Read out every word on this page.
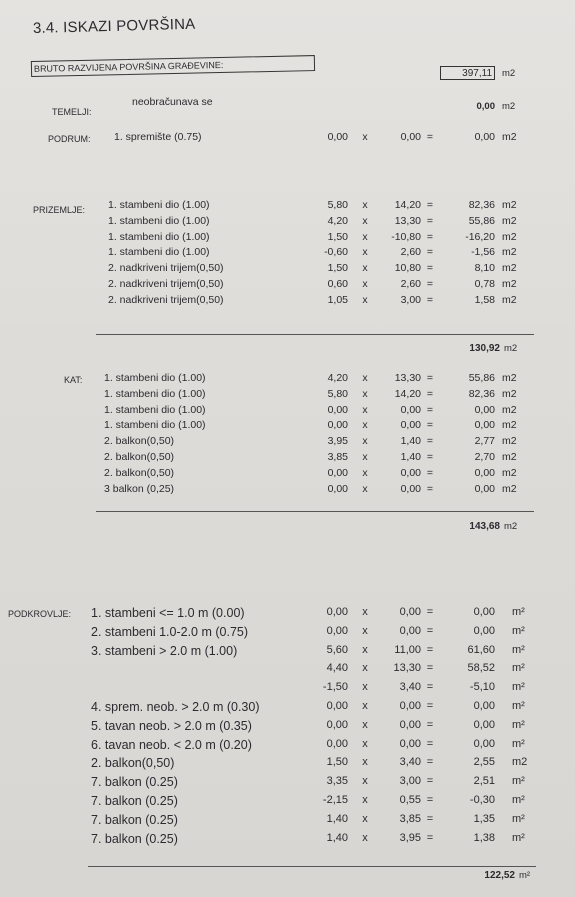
3.4. ISKAZI POVRŠINA
BRUTO RAZVIJENA POVRŠINA GRAĐEVINE:	397,11	m2
TEMELJI:
neobračunava se	0,00 m2
PODRUM: 1. spremište (0.75)	0,00	x	0,00 =	0,00 m2
PRIZEMLJE: 1. stambeni dio (1.00)	5,80	x	14,20 =	82,36 m2
1. stambeni dio (1.00)	4,20	x	13,30 =	55,86 m2
1. stambeni dio (1.00)	1,50	x	-10,80 =	-16,20 m2
1. stambeni dio (1.00)	-0,60	x	2,60 =	-1,56 m2
2. nadkriveni trijem(0,50)	1,50	x	10,80 =	8,10 m2
2. nadkriveni trijem(0,50)	0,60	x	2,60 =	0,78 m2
2. nadkriveni trijem(0,50)	1,05	x	3,00 =	1,58 m2
130,92 m2
KAT: 1. stambeni dio (1.00)	4,20	x	13,30 =	55,86 m2
1. stambeni dio (1.00)	5,80	x	14,20 =	82,36 m2
1. stambeni dio (1.00)	0,00	x	0,00 =	0,00 m2
1. stambeni dio (1.00)	0,00	x	0,00 =	0,00 m2
2. balkon(0,50)	3,95	x	1,40 =	2,77 m2
2. balkon(0,50)	3,85	x	1,40 =	2,70 m2
2. balkon(0,50)	0,00	x	0,00 =	0,00 m2
3 balkon (0,25)	0,00	x	0,00 =	0,00 m2
143,68 m2
PODKROVLJE: 1. stambeni <= 1.0 m (0.00)	0,00 x	0,00 =	0,00 m²
2. stambeni 1.0-2.0 m (0.75)	0,00 x	0,00 =	0,00 m²
3. stambeni > 2.0 m (1.00)	5,60 x	11,00 =	61,60 m²
4,40 x	13,30 =	58,52 m²
-1,50 x	3,40 =	-5,10 m²
4. sprem. neob. > 2.0 m (0.30)	0,00 x	0,00 =	0,00 m²
5. tavan neob. > 2.0 m (0.35)	0,00 x	0,00 =	0,00 m²
6. tavan neob. < 2.0 m (0.20)	0,00 x	0,00 =	0,00 m²
2. balkon(0,50)	1,50 x	3,40 =	2,55 m2
7. balkon (0.25)	3,35 x	3,00 =	2,51 m²
7. balkon (0.25)	-2,15 x	0,55 =	-0,30 m²
7. balkon (0.25)	1,40 x	3,85 =	1,35 m²
7. balkon (0.25)	1,40 x	3,95 =	1,38 m²
122,52 m²
